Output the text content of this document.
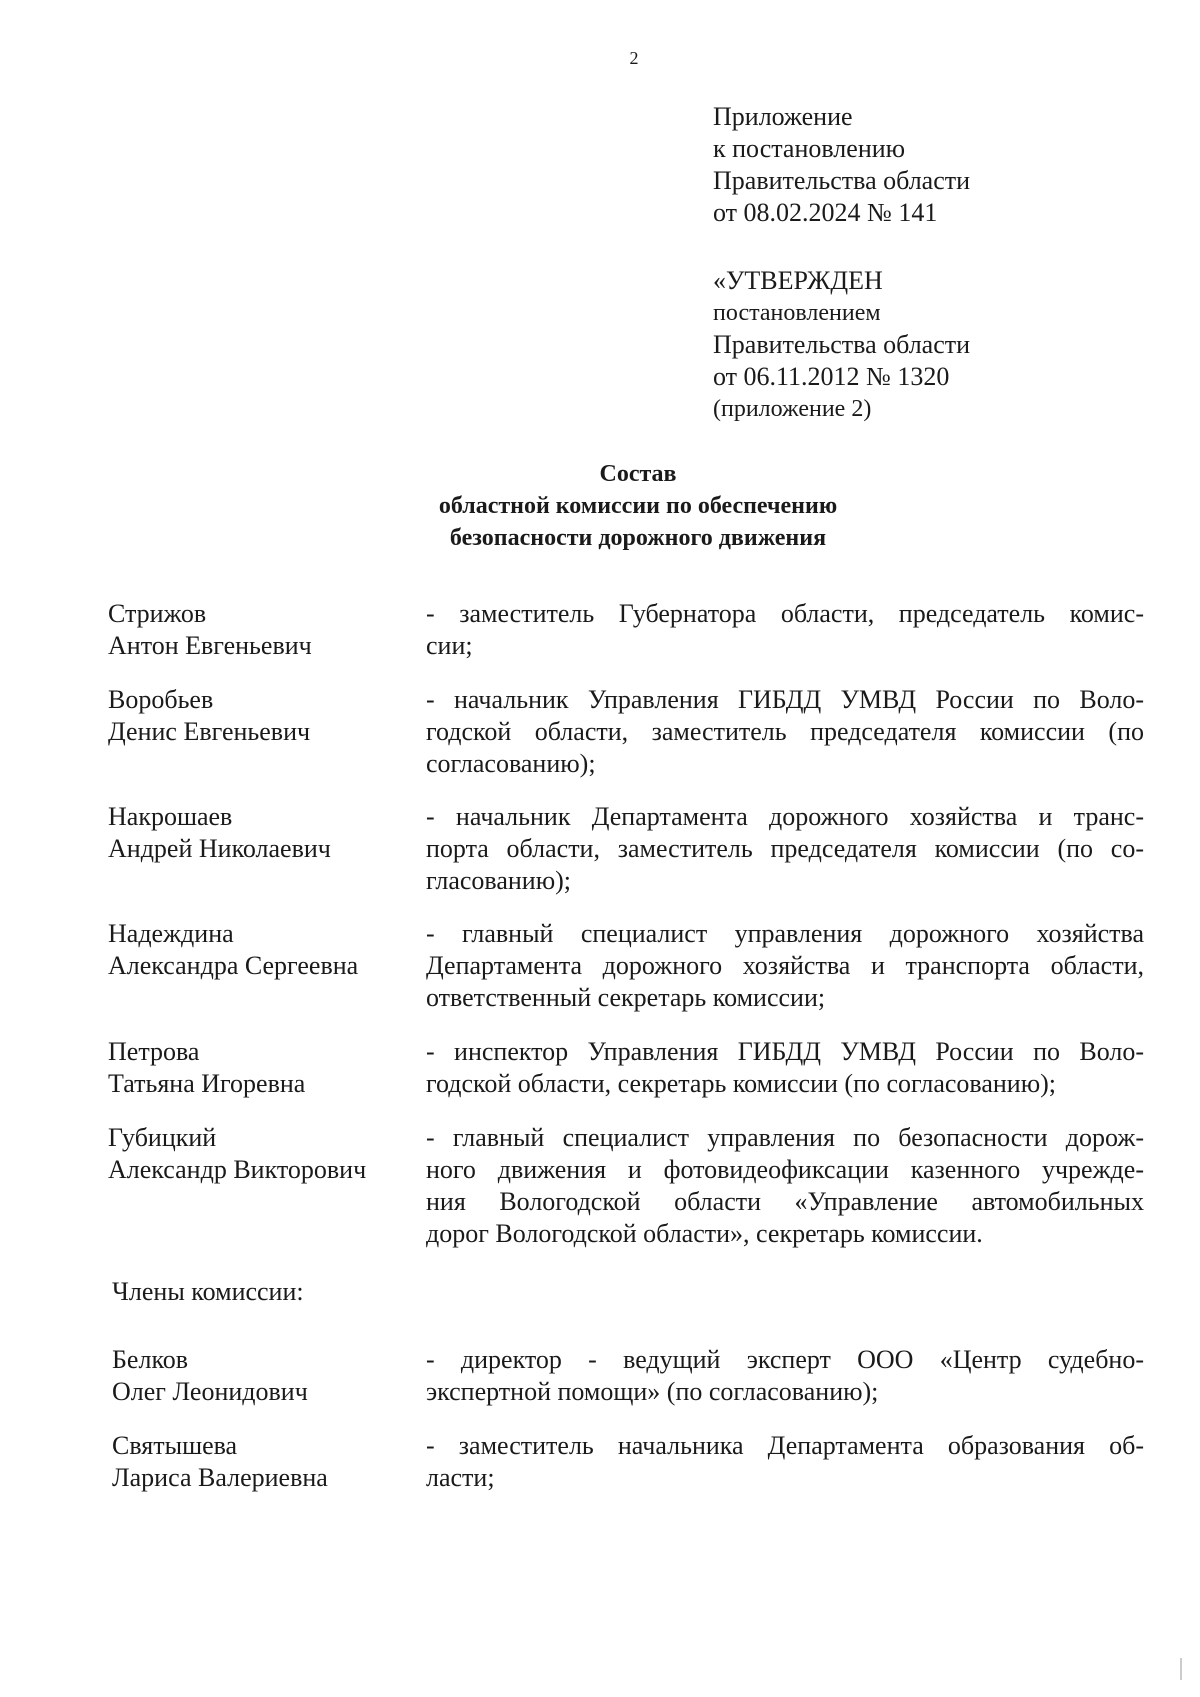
2
Приложение
к постановлению
Правительства области
от 08.02.2024 № 141
«УТВЕРЖДЕН
постановлением
Правительства области
от 06.11.2012 № 1320
(приложение 2)
Состав
областной комиссии по обеспечению
безопасности дорожного движения
Стрижов
Антон Евгеньевич
- заместитель Губернатора области, председатель комис-
сии;
Воробьев
Денис Евгеньевич
- начальник Управления ГИБДД УМВД России по Воло-
годской области, заместитель председателя комиссии (по
согласованию);
Накрошаев
Андрей Николаевич
- начальник Департамента дорожного хозяйства и транс-
порта области, заместитель председателя комиссии (по со-
гласованию);
Надеждина
Александра Сергеевна
- главный специалист управления дорожного хозяйства
Департамента дорожного хозяйства и транспорта области,
ответственный секретарь комиссии;
Петрова
Татьяна Игоревна
- инспектор Управления ГИБДД УМВД России по Воло-
годской области, секретарь комиссии (по согласованию);
Губицкий
Александр Викторович
- главный специалист управления по безопасности дорож-
ного движения и фотовидеофиксации казенного учрежде-
ния Вологодской области «Управление автомобильных
дорог Вологодской области», секретарь комиссии.
Члены комиссии:
Белков
Олег Леонидович
- директор - ведущий эксперт ООО «Центр судебно-
экспертной помощи» (по согласованию);
Святышева
Лариса Валериевна
- заместитель начальника Департамента образования об-
ласти;
